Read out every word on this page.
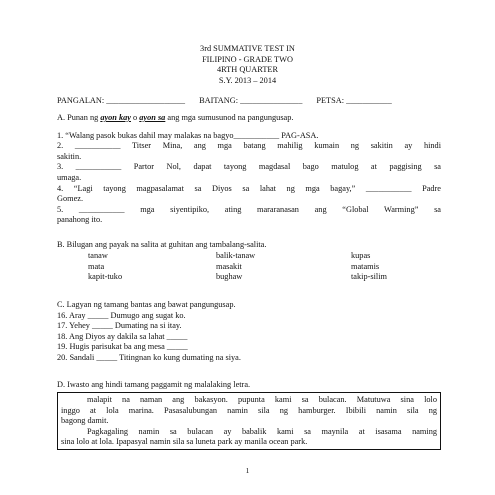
3rd SUMMATIVE TEST IN
FILIPINO - GRADE TWO
4RTH QUARTER
S.Y. 2013 – 2014
PANGALAN: ___________________ BAITANG: _______________ PETSA: ___________
A. Punan ng ayon kay o ayon sa ang mga sumusunod na pangungusap.
1. “Walang pasok bukas dahil may malakas na bagyo___________ PAG-ASA.
2. ___________ Titser Mina, ang mga batang mahilig kumain ng sakitin ay hindi
sakitin.
3. ___________ Partor Nol, dapat tayong magdasal bago matulog at paggising sa
umaga.
4. “Lagi tayong magpasalamat sa Diyos sa lahat ng mga bagay,” ___________ Padre
Gomez.
5. ___________ mga siyentipiko, ating mararanasan ang “Global Warming” sa
panahong ito.
B. Bilugan ang payak na salita at guhitan ang tambalang-salita.
tanaw
mata
kapit-tuko
balik-tanaw
masakit
bughaw
kupas
matamis
takip-silim
C. Lagyan ng tamang bantas ang bawat pangungusap.
16. Aray _____ Dumugo ang sugat ko.
17. Yehey _____ Dumating na si itay.
18. Ang Diyos ay dakila sa lahat _____
19. Hugis parisukat ba ang mesa _____
20. Sandali _____ Titingnan ko kung dumating na siya.
D. Iwasto ang hindi tamang paggamit ng malalaking letra.
malapit na naman ang bakasyon. pupunta kami sa bulacan. Matutuwa sina lolo
inggo at lola marina. Pasasalubungan namin sila ng hamburger. Ibibili namin sila ng
bagong damit.
Pagkagaling namin sa bulacan ay babalik kami sa maynila at isasama naming
sina lolo at lola. Ipapasyal namin sila sa luneta park ay manila ocean park.
1
